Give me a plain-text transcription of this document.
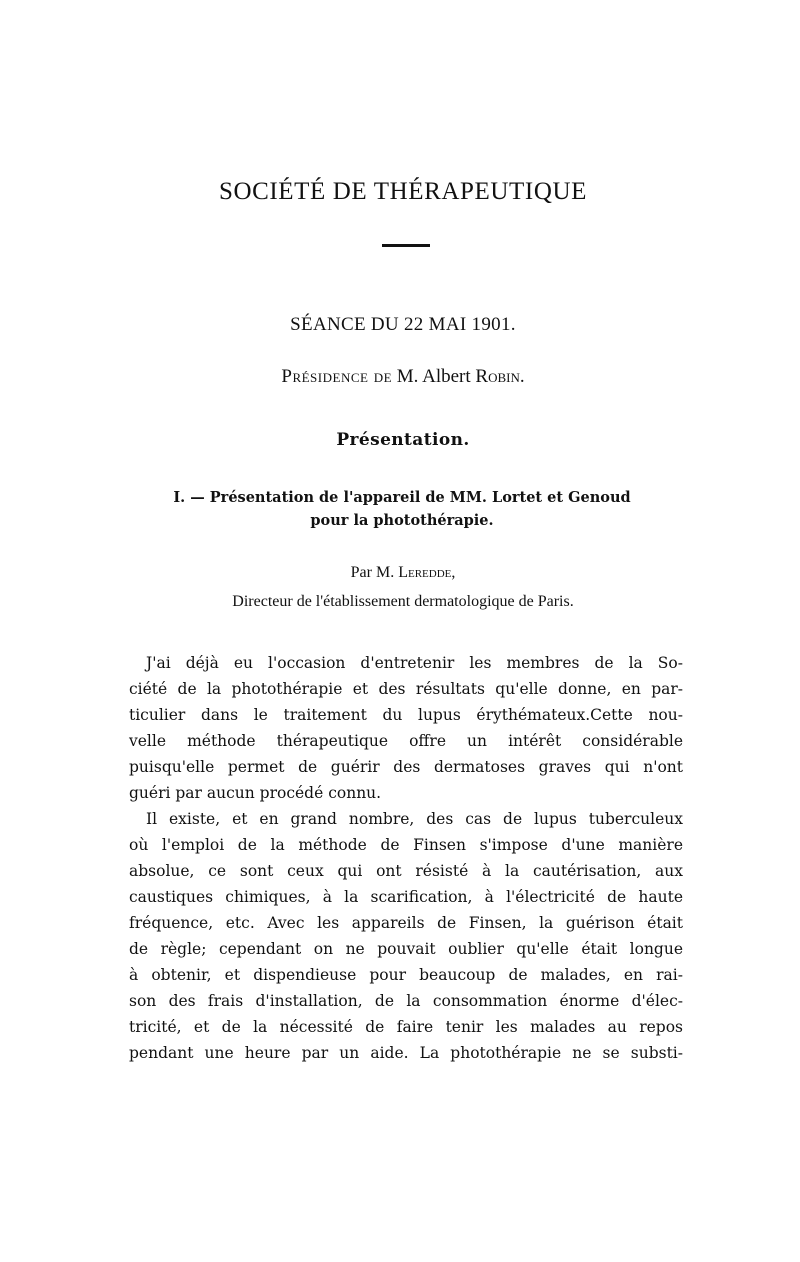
SOCIÉTÉ DE THÉRAPEUTIQUE
SÉANCE DU 22 MAI 1901.
Présidence de M. Albert Robin.
Présentation.
I. — Présentation de l'appareil de MM. Lortet et Genoud
pour la photothérapie.
Par M. Leredde,
Directeur de l'établissement dermatologique de Paris.
J'ai déjà eu l'occasion d'entretenir les membres de la So-
ciété de la photothérapie et des résultats qu'elle donne, en par-
ticulier dans le traitement du lupus érythémateux.Cette nou-
velle méthode thérapeutique offre un intérêt considérable
puisqu'elle permet de guérir des dermatoses graves qui n'ont
guéri par aucun procédé connu.
Il existe, et en grand nombre, des cas de lupus tuberculeux
où l'emploi de la méthode de Finsen s'impose d'une manière
absolue, ce sont ceux qui ont résisté à la cautérisation, aux
caustiques chimiques, à la scarification, à l'électricité de haute
fréquence, etc. Avec les appareils de Finsen, la guérison était
de règle; cependant on ne pouvait oublier qu'elle était longue
à obtenir, et dispendieuse pour beaucoup de malades, en rai-
son des frais d'installation, de la consommation énorme d'élec-
tricité, et de la nécessité de faire tenir les malades au repos
pendant une heure par un aide. La photothérapie ne se substi-
